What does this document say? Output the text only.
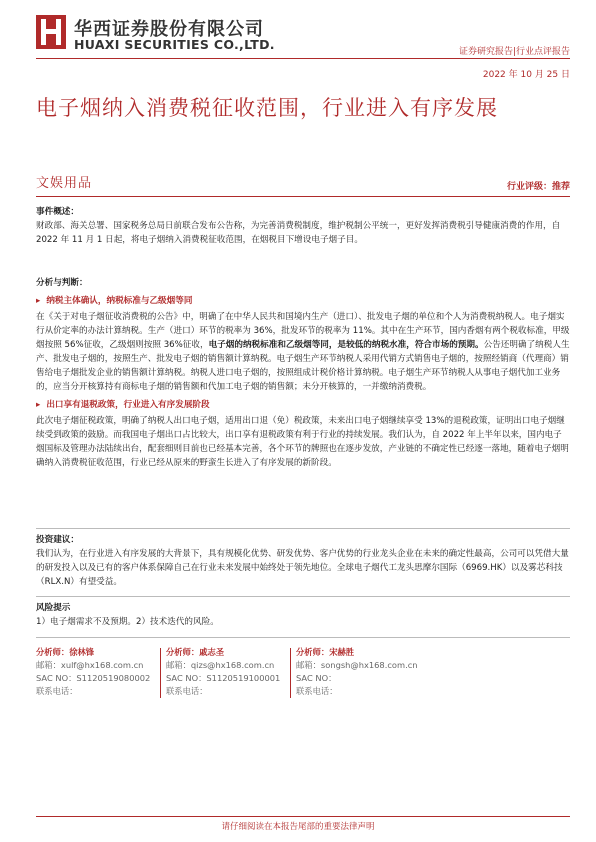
华西证券股份有限公司
HUAXI SECURITIES CO.,LTD.	证券研究报告|行业点评报告
2022 年 10 月 25 日
电子烟纳入消费税征收范围，行业进入有序发展
文娱用品	行业评级：推荐
事件概述：
财政部、海关总署、国家税务总局日前联合发布公告称，为完善消费税制度，维护税制公平统一，更好发挥消费税引导健康消费的作用，自 2022 年 11 月 1 日起，将电子烟纳入消费税征收范围，在烟税目下增设电子烟子目。
分析与判断：
▸  纳税主体确认，纳税标准与乙级烟等同
在《关于对电子烟征收消费税的公告》中，明确了在中华人民共和国境内生产（进口）、批发电子烟的单位和个人为消费税纳税人。电子烟实行从价定率的办法计算纳税。生产（进口）环节的税率为 36%，批发环节的税率为 11%。其中在生产环节，国内香烟有两个税收标准，甲级烟按照 56%征收，乙级烟则按照 36%征收，电子烟的纳税标准和乙级烟等同，是较低的纳税水准，符合市场的预期。公告还明确了纳税人生产、批发电子烟的，按照生产、批发电子烟的销售额计算纳税。电子烟生产环节纳税人采用代销方式销售电子烟的，按照经销商（代理商）销售给电子烟批发企业的销售额计算纳税。纳税人进口电子烟的，按照组成计税价格计算纳税。电子烟生产环节纳税人从事电子烟代加工业务的，应当分开核算持有商标电子烟的销售额和代加工电子烟的销售额；未分开核算的，一并缴纳消费税。
▸  出口享有退税政策，行业进入有序发展阶段
此次电子烟征税政策，明确了纳税人出口电子烟，适用出口退（免）税政策，未来出口电子烟继续享受 13%的退税政策，证明出口电子烟继续受到政策的鼓励。而我国电子烟出口占比较大，出口享有退税政策有利于行业的持续发展。我们认为，自 2022 年上半年以来，国内电子烟国标及管理办法陆续出台，配套细则目前也已经基本完善，各个环节的牌照也在逐步发放，产业链的不确定性已经逐一落地，随着电子烟明确纳入消费税征收范围，行业已经从原来的野蛮生长进入了有序发展的新阶段。
投资建议：
我们认为，在行业进入有序发展的大背景下，具有规模化优势、研发优势、客户优势的行业龙头企业在未来的确定性最高，公司可以凭借大量的研发投入以及已有的客户体系保障自己在行业未来发展中始终处于领先地位。全球电子烟代工龙头思摩尔国际（6969.HK）以及雾芯科技（RLX.N）有望受益。
风险提示
1）电子烟需求不及预期。2）技术迭代的风险。
分析师：徐林锋
邮箱：xulf@hx168.com.cn
SAC NO：S1120519080002
联系电话：
分析师：戚志圣
邮箱：qizs@hx168.com.cn
SAC NO：S1120519100001
联系电话：
分析师：宋赫胜
邮箱：songsh@hx168.com.cn
SAC NO：
联系电话：
请仔细阅读在本报告尾部的重要法律声明
